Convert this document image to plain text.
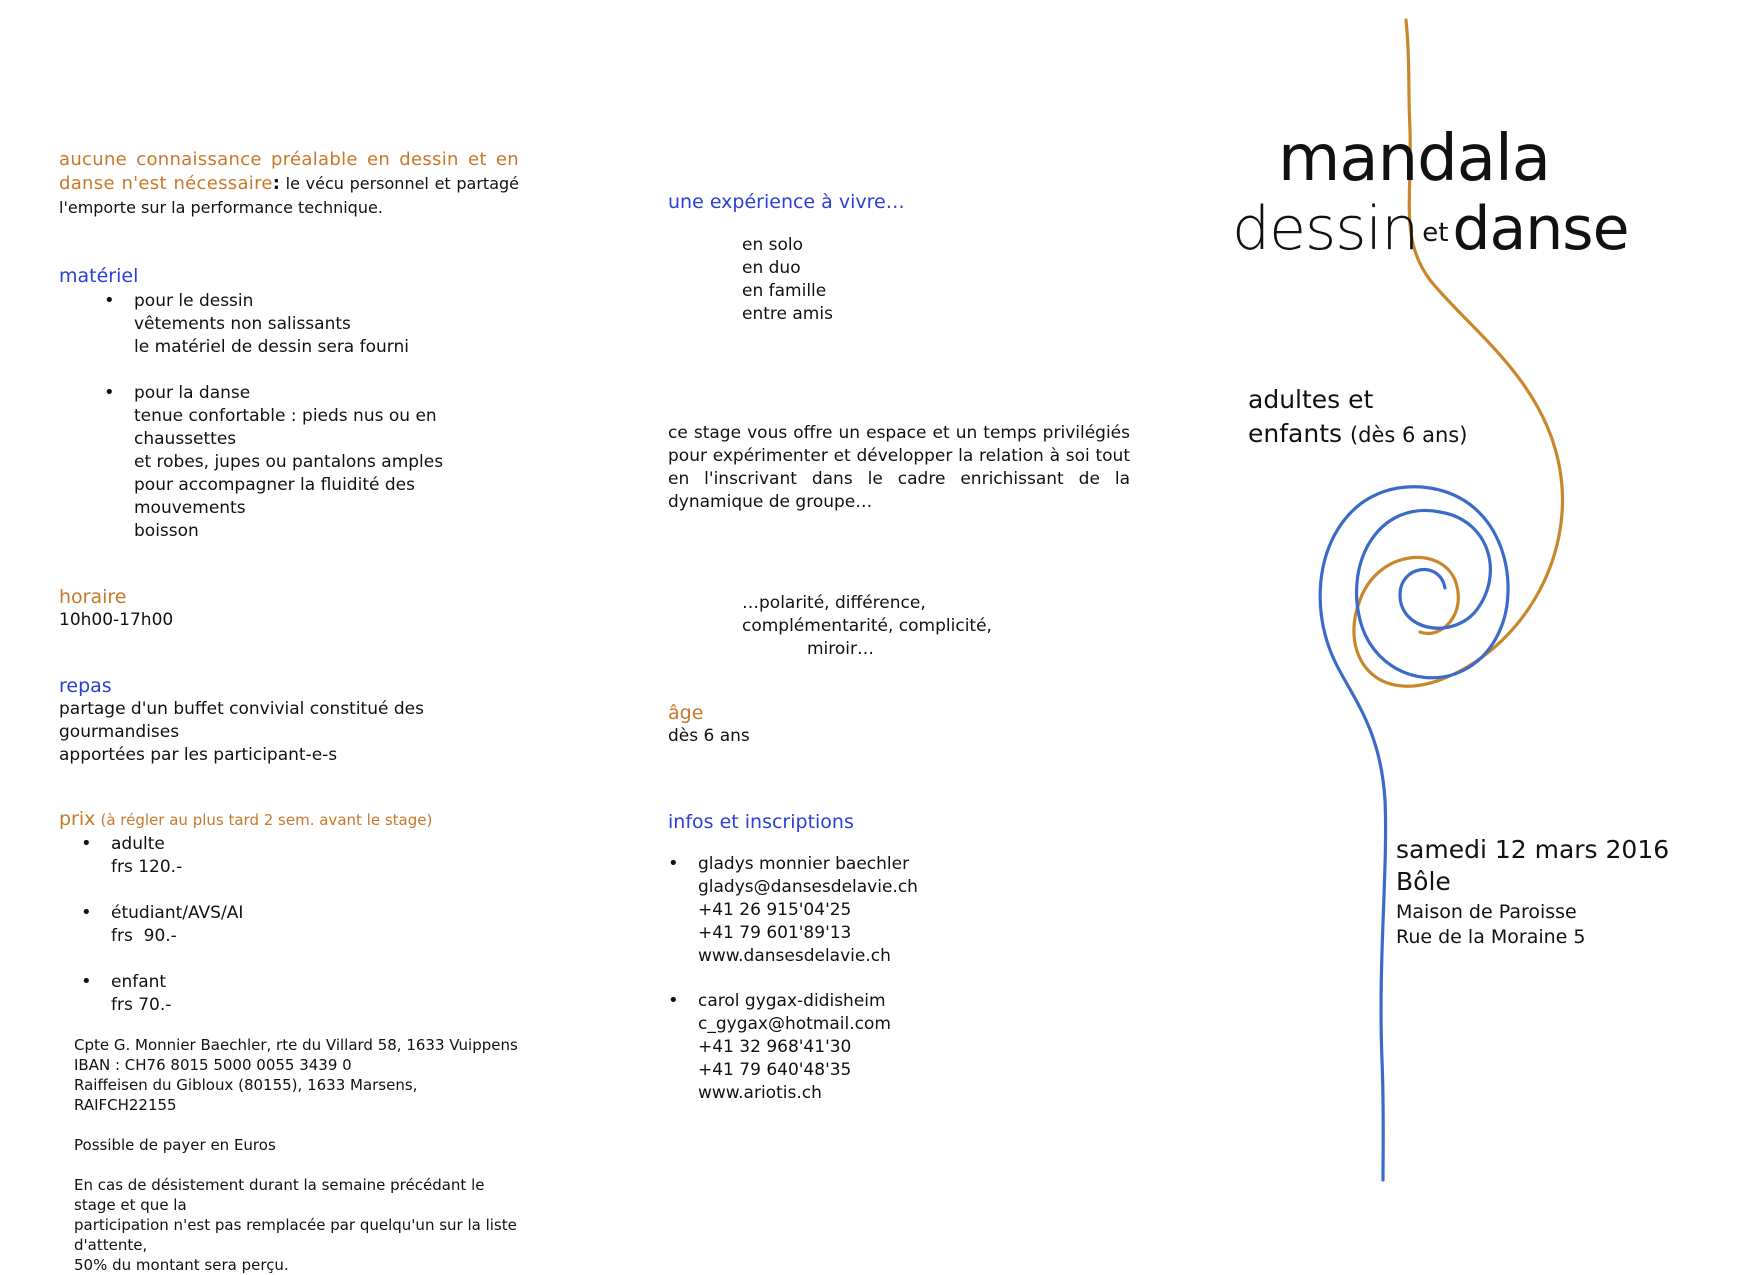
aucune connaissance préalable en dessin et en danse n'est nécessaire: le vécu personnel et partagé l'emporte sur la performance technique.

matériel
• pour le dessin
vêtements non salissants
le matériel de dessin sera fourni
• pour la danse
tenue confortable : pieds nus ou en chaussettes
et robes, jupes ou pantalons amples
pour accompagner la fluidité des mouvements
boisson
horaire
10h00-17h00
repas
partage d'un buffet convivial constitué des gourmandises
apportées par les participant-e-s
prix (à régler au plus tard 2 sem. avant le stage)
• adulte
frs 120.-
• étudiant/AVS/AI
frs  90.-
• enfant
frs 70.-
Cpte G. Monnier Baechler, rte du Villard 58, 1633 Vuippens
IBAN : CH76 8015 5000 0055 3439 0
Raiffeisen du Gibloux (80155), 1633 Marsens, RAIFCH22155
Possible de payer en Euros
En cas de désistement durant la semaine précédant le stage et que la
participation n'est pas remplacée par quelqu'un sur la liste d'attente,
50% du montant sera perçu.
une expérience à vivre…
en solo
en duo
en famille
entre amis

ce stage vous offre un espace et un temps privilégiés pour expérimenter et développer la relation à soi tout en l'inscrivant dans le cadre enrichissant de la dynamique de groupe…

…polarité, différence,
complémentarité, complicité,
miroir…
âge
dès 6 ans
infos et inscriptions
• gladys monnier baechler
gladys@dansesdelavie.ch
+41 26 915'04'25
+41 79 601'89'13
www.dansesdelavie.ch
• carol gygax-didisheim
c_gygax@hotmail.com
+41 32 968'41'30
+41 79 640'48'35
www.ariotis.ch
mandala
dessin etdanse
adultes et
enfants (dès 6 ans)
samedi 12 mars 2016
Bôle
Maison de Paroisse
Rue de la Moraine 5
